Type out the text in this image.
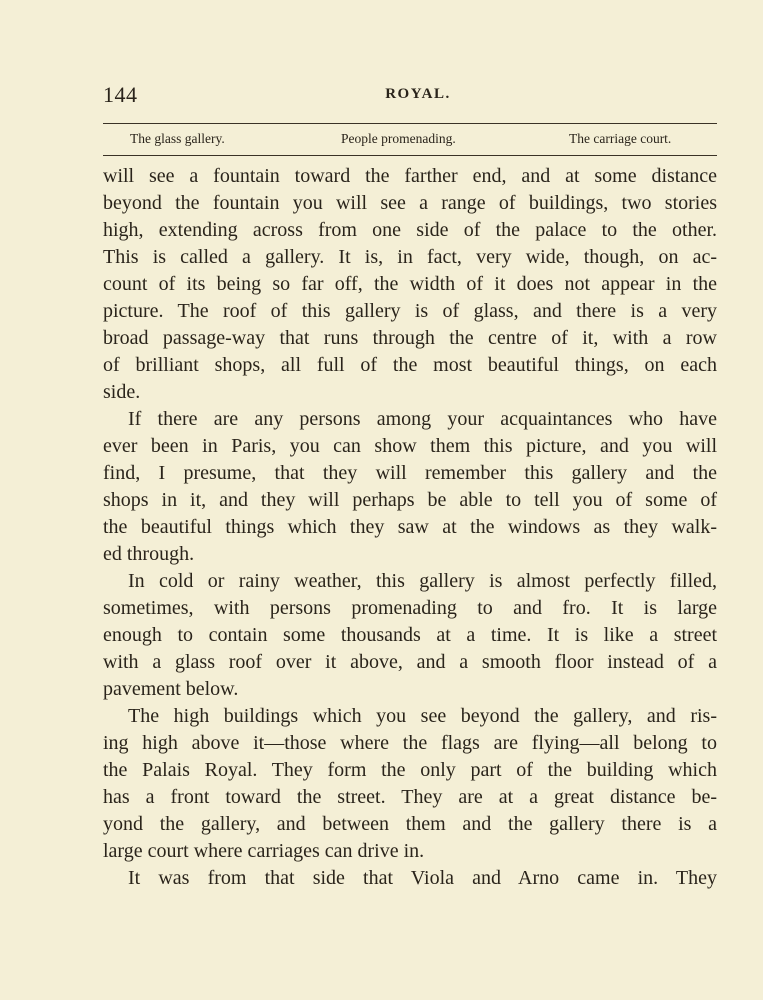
144	ROYAL.
The glass gallery.	People promenading.	The carriage court.
will see a fountain toward the farther end, and at some distance
beyond the fountain you will see a range of buildings, two stories
high, extending across from one side of the palace to the other.
This is called a gallery. It is, in fact, very wide, though, on ac-
count of its being so far off, the width of it does not appear in the
picture. The roof of this gallery is of glass, and there is a very
broad passage-way that runs through the centre of it, with a row
of brilliant shops, all full of the most beautiful things, on each
side.
If there are any persons among your acquaintances who have
ever been in Paris, you can show them this picture, and you will
find, I presume, that they will remember this gallery and the
shops in it, and they will perhaps be able to tell you of some of
the beautiful things which they saw at the windows as they walk-
ed through.
In cold or rainy weather, this gallery is almost perfectly filled,
sometimes, with persons promenading to and fro. It is large
enough to contain some thousands at a time. It is like a street
with a glass roof over it above, and a smooth floor instead of a
pavement below.
The high buildings which you see beyond the gallery, and ris-
ing high above it—those where the flags are flying—all belong to
the Palais Royal. They form the only part of the building which
has a front toward the street. They are at a great distance be-
yond the gallery, and between them and the gallery there is a
large court where carriages can drive in.
It was from that side that Viola and Arno came in. They
